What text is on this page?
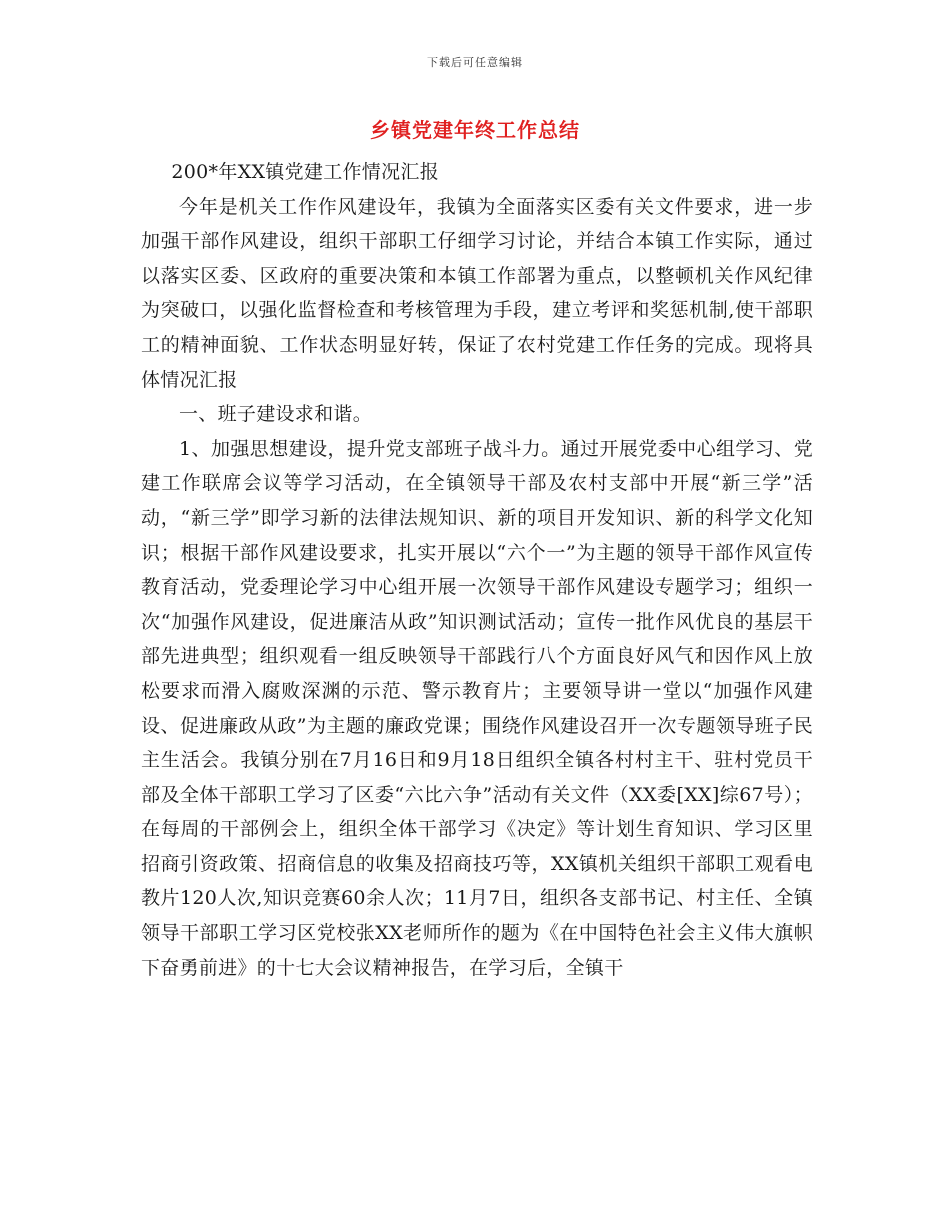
下载后可任意编辑
乡镇党建年终工作总结

200*年XX镇党建工作情况汇报

今年是机关工作作风建设年，我镇为全面落实区委有关文件要求，进一步加强干部作风建设，组织干部职工仔细学习讨论，并结合本镇工作实际，通过以落实区委、区政府的重要决策和本镇工作部署为重点，以整顿机关作风纪律为突破口，以强化监督检查和考核管理为手段，建立考评和奖惩机制,使干部职工的精神面貌、工作状态明显好转，保证了农村党建工作任务的完成。现将具体情况汇报

一、班子建设求和谐。

1、加强思想建设，提升党支部班子战斗力。通过开展党委中心组学习、党建工作联席会议等学习活动，在全镇领导干部及农村支部中开展“新三学”活动，“新三学”即学习新的法律法规知识、新的项目开发知识、新的科学文化知识；根据干部作风建设要求，扎实开展以“六个一”为主题的领导干部作风宣传教育活动，党委理论学习中心组开展一次领导干部作风建设专题学习；组织一次“加强作风建设，促进廉洁从政”知识测试活动；宣传一批作风优良的基层干部先进典型；组织观看一组反映领导干部践行八个方面良好风气和因作风上放松要求而滑入腐败深渊的示范、警示教育片；主要领导讲一堂以“加强作风建设、促进廉政从政”为主题的廉政党课；围绕作风建设召开一次专题领导班子民主生活会。我镇分别在7月16日和9月18日组织全镇各村村主干、驻村党员干部及全体干部职工学习了区委“六比六争”活动有关文件（XX委[XX]综67号）；在每周的干部例会上，组织全体干部学习《决定》等计划生育知识、学习区里招商引资政策、招商信息的收集及招商技巧等，XX镇机关组织干部职工观看电教片120人次,知识竞赛60余人次；11月7日，组织各支部书记、村主任、全镇领导干部职工学习区党校张XX老师所作的题为《在中国特色社会主义伟大旗帜下奋勇前进》的十七大会议精神报告，在学习后，全镇干
